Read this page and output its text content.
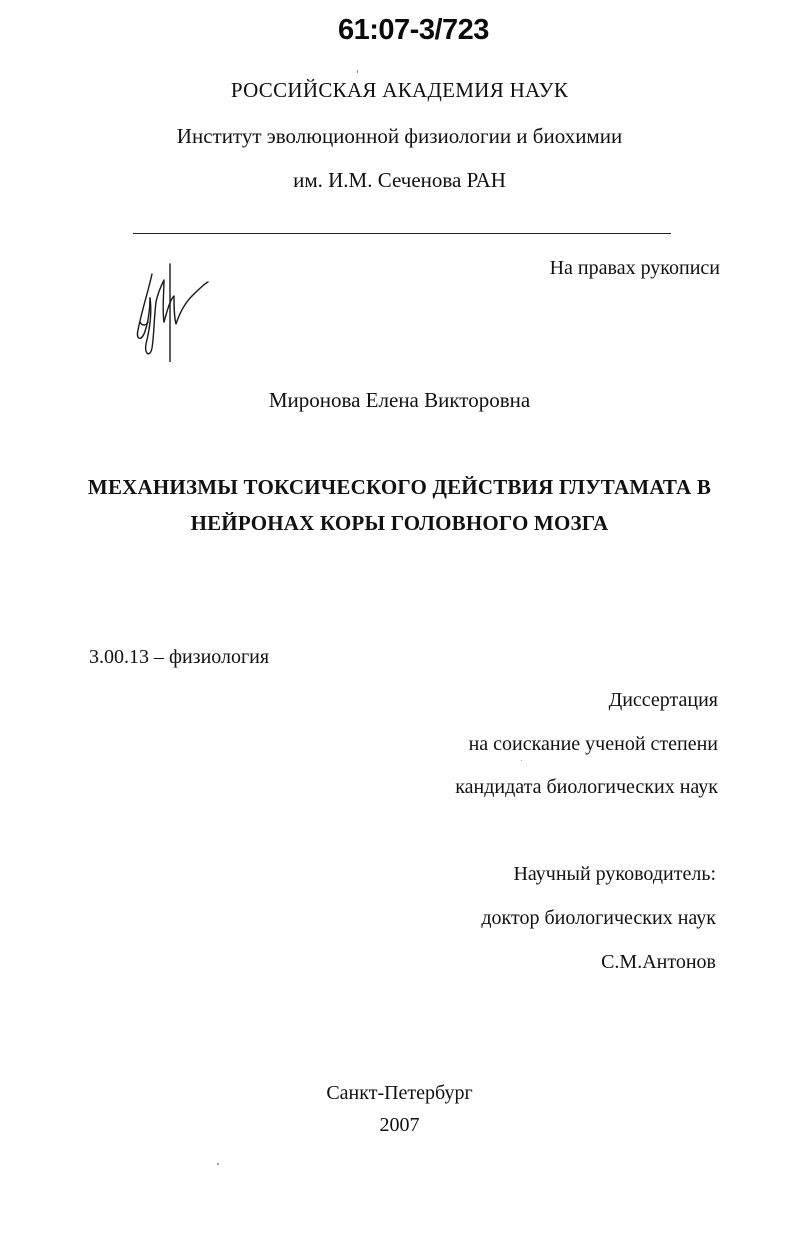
61:07-3/723
РОССИЙСКАЯ АКАДЕМИЯ НАУК
Институт эволюционной физиологии и биохимии
им. И.М. Сеченова РАН
На правах рукописи
Миронова Елена Викторовна
МЕХАНИЗМЫ ТОКСИЧЕСКОГО ДЕЙСТВИЯ ГЛУТАМАТА В
НЕЙРОНАХ КОРЫ ГОЛОВНОГО МОЗГА
3.00.13 – физиология
Диссертация
на соискание ученой степени
кандидата биологических наук
Научный руководитель:
доктор биологических наук
С.М.Антонов
Санкт-Петербург
2007
